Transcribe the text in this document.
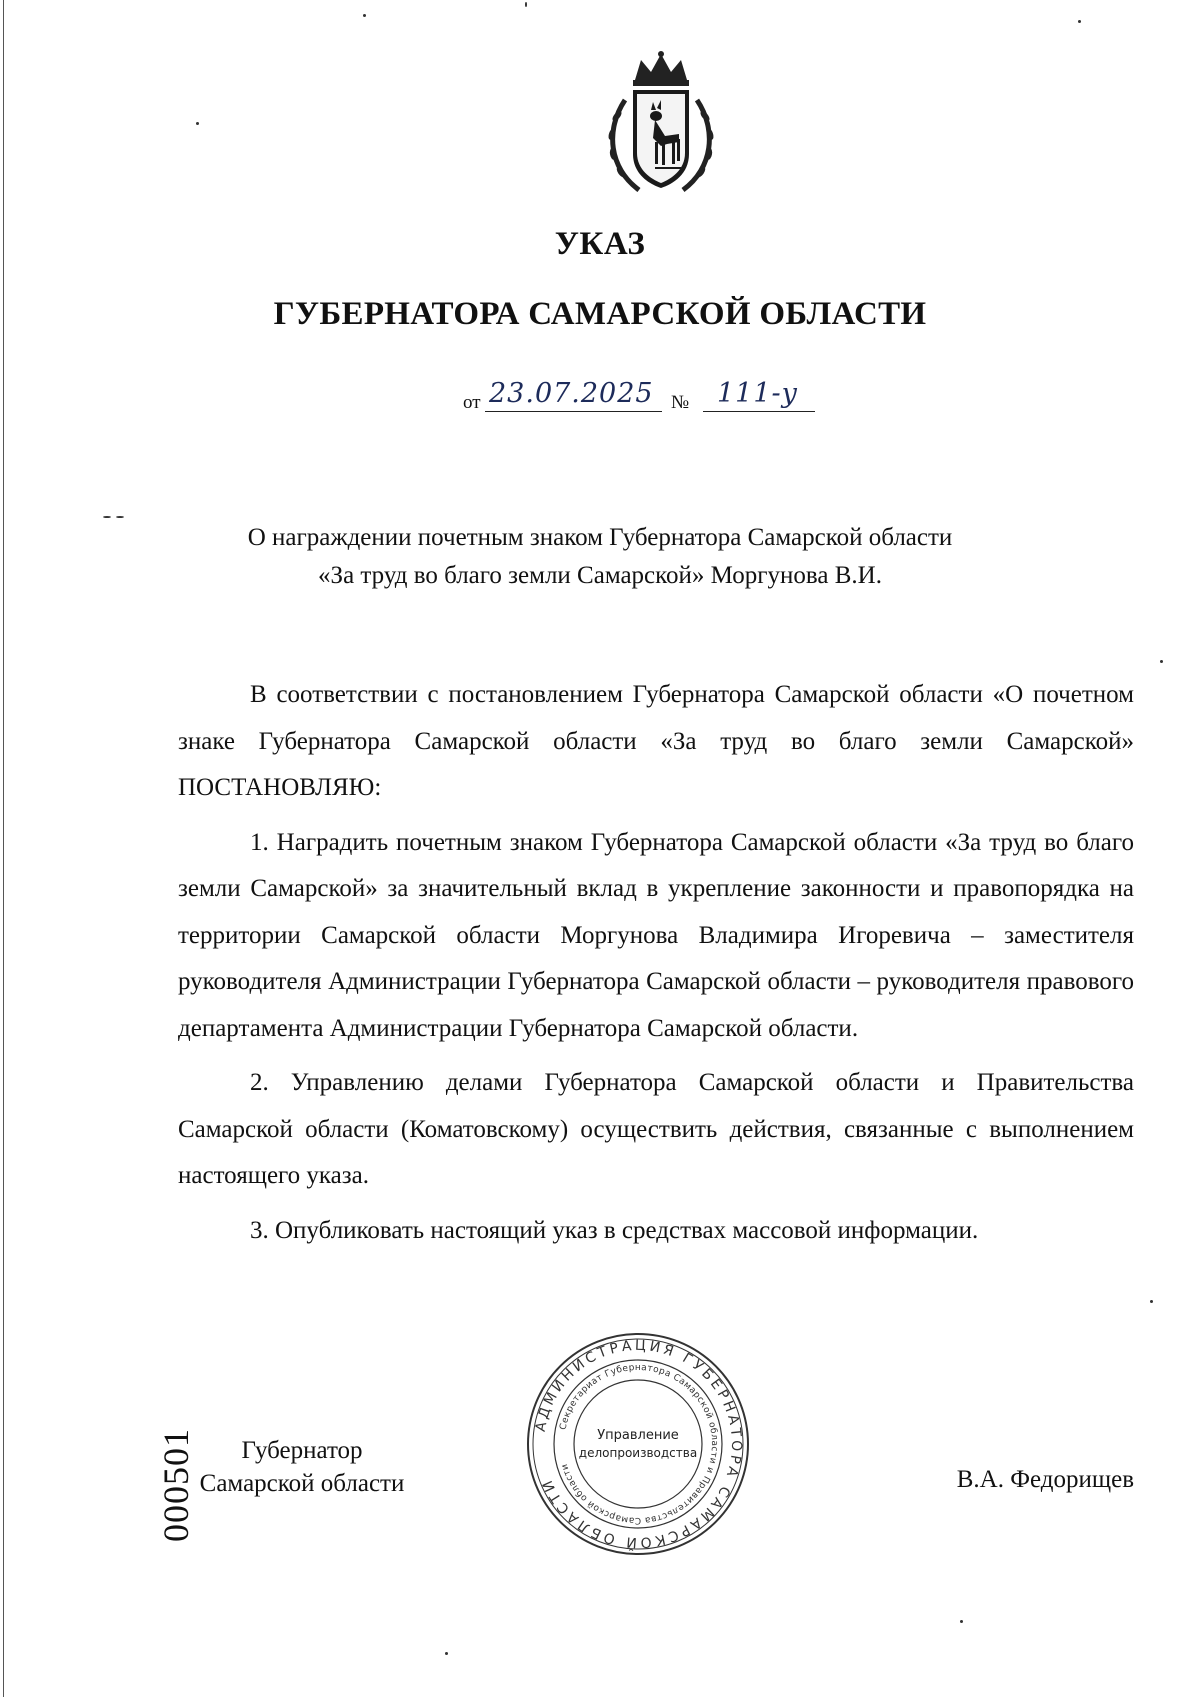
УКАЗ
ГУБЕРНАТОРА САМАРСКОЙ ОБЛАСТИ
от 23.07.2025 № 111-у
О награждении почетным знаком Губернатора Самарской области
«За труд во благо земли Самарской» Моргунова В.И.

В соответствии с постановлением Губернатора Самарской области «О почетном знаке Губернатора Самарской области «За труд во благо земли Самарской» ПОСТАНОВЛЯЮ:

1. Наградить почетным знаком Губернатора Самарской области «За труд во благо земли Самарской» за значительный вклад в укрепление законности и правопорядка на территории Самарской области Моргунова Владимира Игоревича – заместителя руководителя Администрации Губернатора Самарской области – руководителя правового департамента Администрации Губернатора Самарской области.

2. Управлению делами Губернатора Самарской области и Правительства Самарской области (Коматовскому) осуществить действия, связанные с выполнением настоящего указа.

3. Опубликовать настоящий указ в средствах массовой информации.

Губернатор
Самарской области	В.А. Федорищев
АДМИНИСТРАЦИЯ ГУБЕРНАТОРА САМАРСКОЙ ОБЛАСТИ
Секретариат Губернатора Самарской области и Правительства Самарской области
Управление
делопроизводства
000501
